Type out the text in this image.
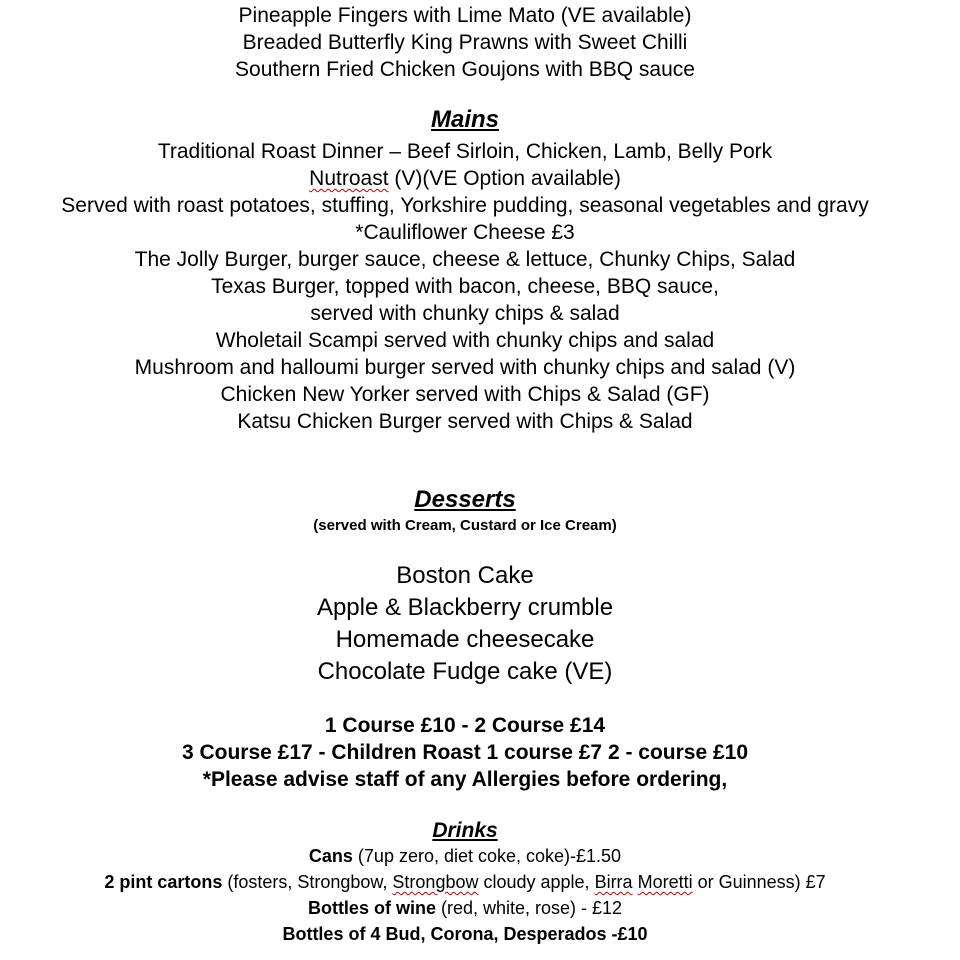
Pineapple Fingers with Lime Mato (VE available)
Breaded Butterfly King Prawns with Sweet Chilli
Southern Fried Chicken Goujons with BBQ sauce
Mains
Traditional Roast Dinner – Beef Sirloin, Chicken, Lamb, Belly Pork
Nutroast (V)(VE Option available)
Served with roast potatoes, stuffing, Yorkshire pudding, seasonal vegetables and gravy
*Cauliflower Cheese £3
The Jolly Burger, burger sauce, cheese & lettuce, Chunky Chips, Salad
Texas Burger, topped with bacon, cheese, BBQ sauce,
served with chunky chips & salad
Wholetail Scampi served with chunky chips and salad
Mushroom and halloumi burger served with chunky chips and salad (V)
Chicken New Yorker served with Chips & Salad (GF)
Katsu Chicken Burger served with Chips & Salad
Desserts
(served with Cream, Custard or Ice Cream)
Boston Cake
Apple & Blackberry crumble
Homemade cheesecake
Chocolate Fudge cake (VE)
1 Course £10 - 2 Course £14
3 Course £17 - Children Roast 1 course £7 2 - course £10
*Please advise staff of any Allergies before ordering,
Drinks
Cans (7up zero, diet coke, coke)-£1.50
2 pint cartons (fosters, Strongbow, Strongbow cloudy apple, Birra Moretti or Guinness) £7
Bottles of wine (red, white, rose) - £12
Bottles of 4 Bud, Corona, Desperados -£10
